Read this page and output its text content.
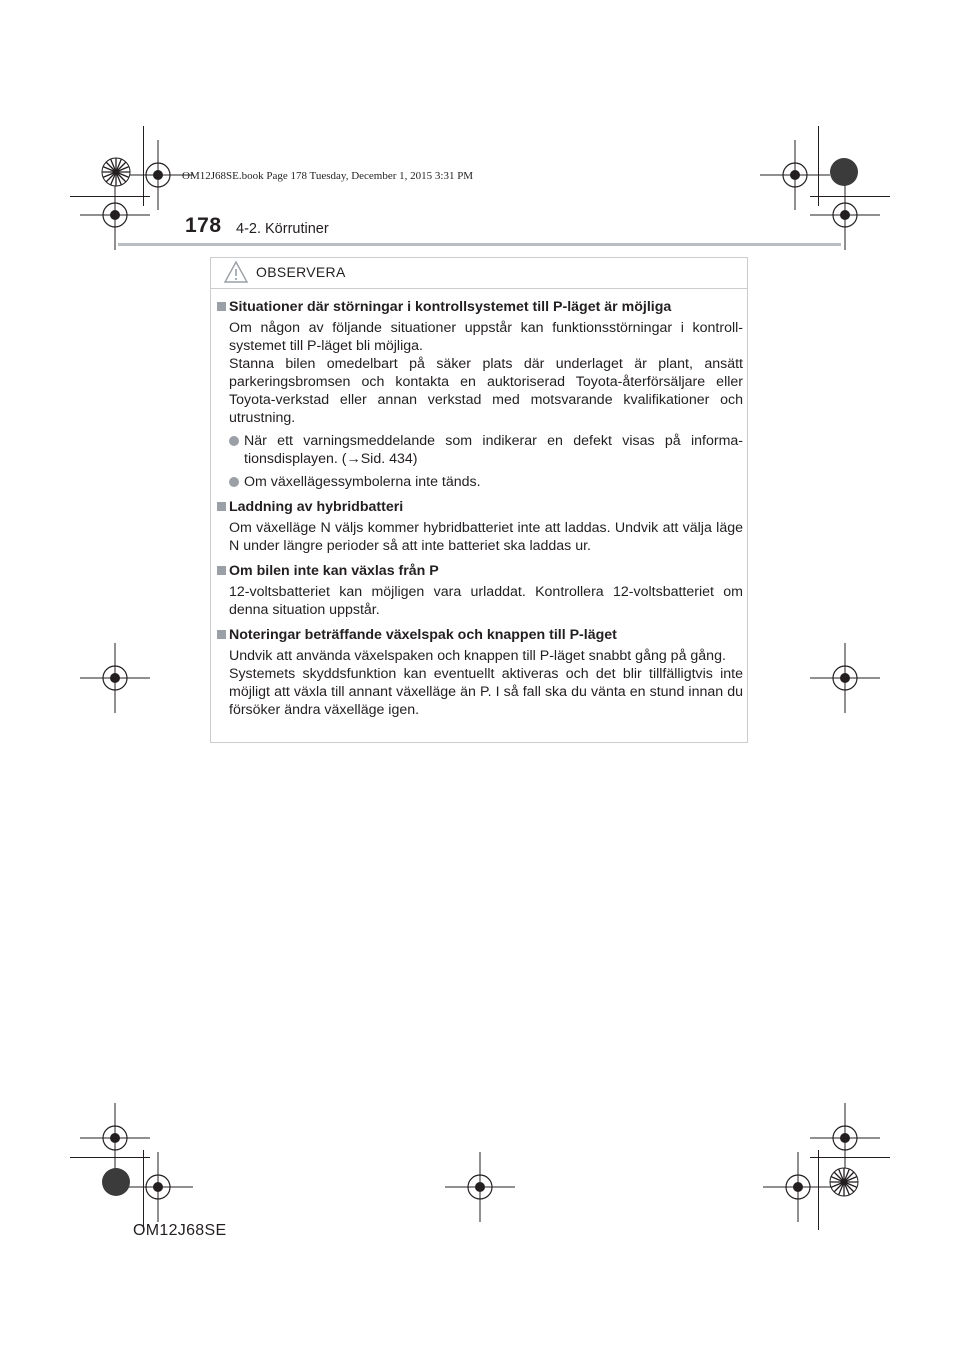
OM12J68SE.book Page 178 Tuesday, December 1, 2015 3:31 PM
178 4-2. Körrutiner
OBSERVERA
Situationer där störningar i kontrollsystemet till P-läget är möjliga
Om någon av följande situationer uppstår kan funktionsstörningar i kontroll-systemet till P-läget bli möjliga.
Stanna bilen omedelbart på säker plats där underlaget är plant, ansätt parkeringsbromsen och kontakta en auktoriserad Toyota-återförsäljare eller Toyota-verkstad eller annan verkstad med motsvarande kvalifikationer och utrustning.
När ett varningsmeddelande som indikerar en defekt visas på informa-tionsdisplayen. (→Sid. 434)
Om växellägessymbolerna inte tänds.
Laddning av hybridbatteri
Om växelläge N väljs kommer hybridbatteriet inte att laddas. Undvik att välja läge N under längre perioder så att inte batteriet ska laddas ur.
Om bilen inte kan växlas från P
12-voltsbatteriet kan möjligen vara urladdat. Kontrollera 12-voltsbatteriet om denna situation uppstår.
Noteringar beträffande växelspak och knappen till P-läget
Undvik att använda växelspaken och knappen till P-läget snabbt gång på gång.
Systemets skyddsfunktion kan eventuellt aktiveras och det blir tillfälligtvis inte möjligt att växla till annant växelläge än P. I så fall ska du vänta en stund innan du försöker ändra växelläge igen.
OM12J68SE
